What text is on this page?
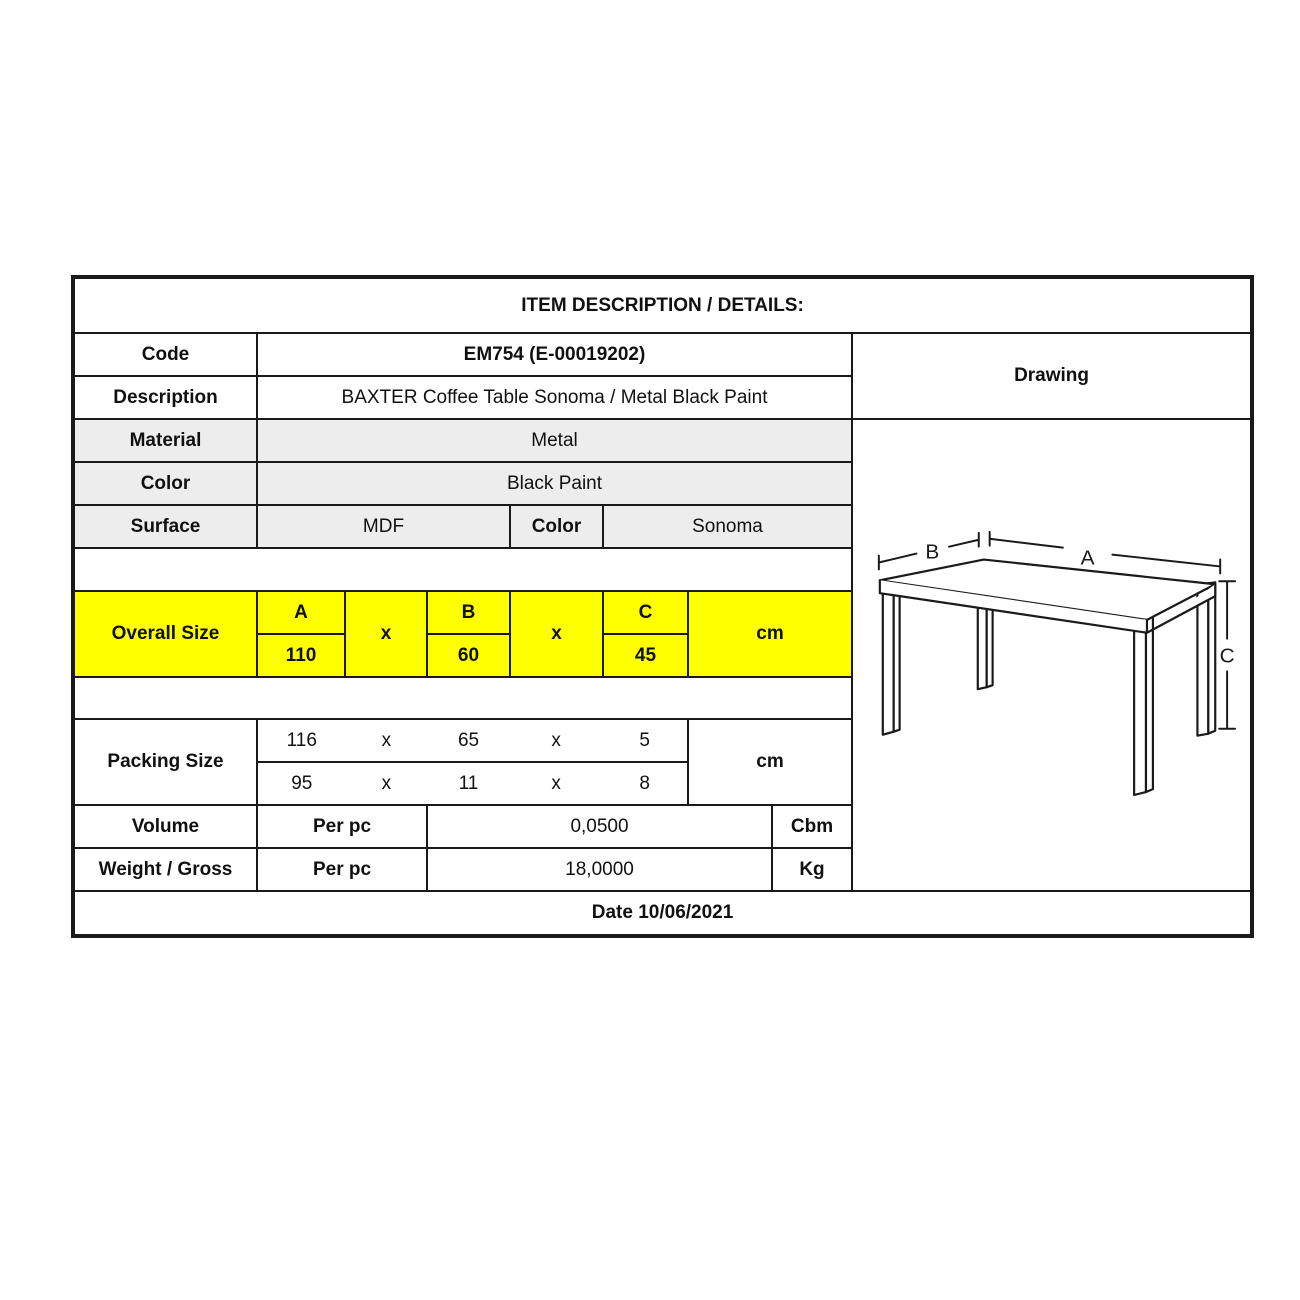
ITEM DESCRIPTION / DETAILS:								
Code	EM754 (E-00019202)							Drawing
Description	BAXTER Coffee Table Sonoma / Metal Black Paint							
Material	Metal							B A
C

Color	Black Paint							
Surface	MDF			Color	Sonoma			

Overall Size	A	x	B	x	C	cm		
	110		60		45			

Packing Size	116 x 65 x 5					cm		

	95 x 11 x 8							

Volume	Per pc		0,0500				Cbm	
Weight / Gross	Per pc		18,0000				Kg	
Date 10/06/2021								
